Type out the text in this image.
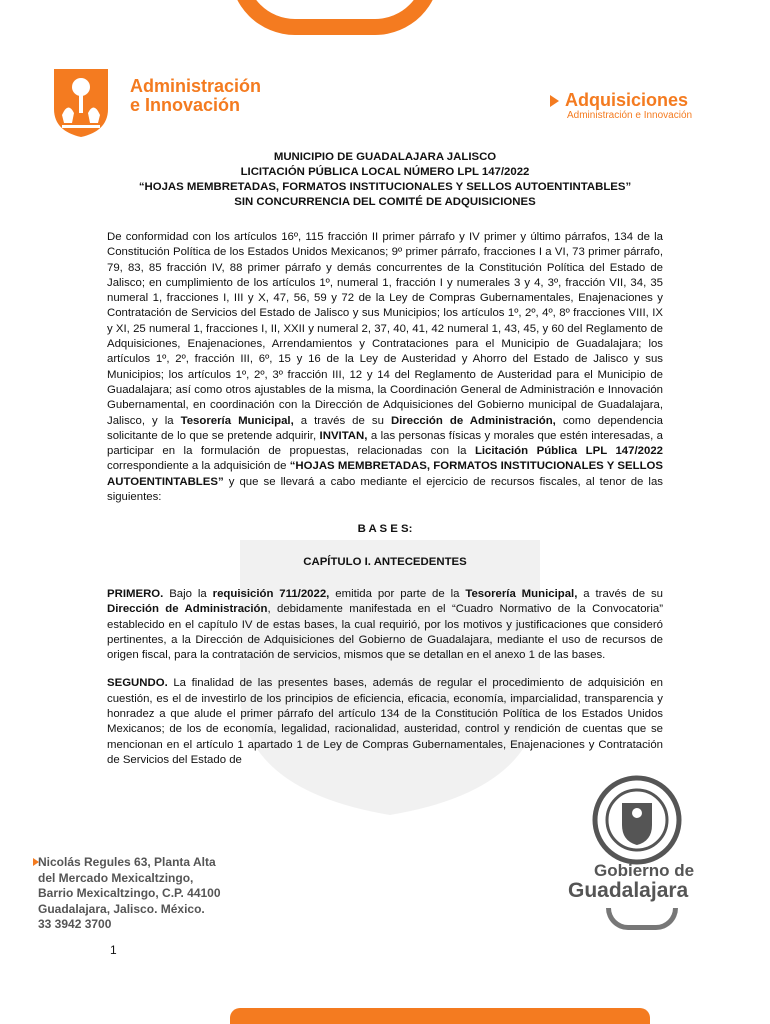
Administración
e Innovación	Adquisiciones
Administración e Innovación
MUNICIPIO DE GUADALAJARA JALISCO
LICITACIÓN PÚBLICA LOCAL NÚMERO LPL 147/2022
“HOJAS MEMBRETADAS, FORMATOS INSTITUCIONALES Y SELLOS AUTOENTINTABLES”
SIN CONCURRENCIA DEL COMITÉ DE ADQUISICIONES

De conformidad con los artículos 16º, 115 fracción II primer párrafo y IV primer y último párrafos, 134 de la Constitución Política de los Estados Unidos Mexicanos; 9º primer párrafo, fracciones I a VI, 73 primer párrafo, 79, 83, 85 fracción IV, 88 primer párrafo y demás concurrentes de la Constitución Política del Estado de Jalisco; en cumplimiento de los artículos 1º, numeral 1, fracción I y numerales 3 y 4, 3º, fracción VII, 34, 35 numeral 1, fracciones I, III y X, 47, 56, 59 y 72 de la Ley de Compras Gubernamentales, Enajenaciones y Contratación de Servicios del Estado de Jalisco y sus Municipios; los artículos 1º, 2º, 4º, 8º fracciones VIII, IX y XI, 25 numeral 1, fracciones I, II, XXII y numeral 2, 37, 40, 41, 42 numeral 1, 43, 45, y 60 del Reglamento de Adquisiciones, Enajenaciones, Arrendamientos y Contrataciones para el Municipio de Guadalajara; los artículos 1º, 2º, fracción III, 6º, 15 y 16 de la Ley de Austeridad y Ahorro del Estado de Jalisco y sus Municipios; los artículos 1º, 2º, 3º fracción III, 12 y 14 del Reglamento de Austeridad para el Municipio de Guadalajara; así como otros ajustables de la misma, la Coordinación General de Administración e Innovación Gubernamental, en coordinación con la Dirección de Adquisiciones del Gobierno municipal de Guadalajara, Jalisco, y la Tesorería Municipal, a través de su Dirección de Administración, como dependencia solicitante de lo que se pretende adquirir, INVITAN, a las personas físicas y morales que estén interesadas, a participar en la formulación de propuestas, relacionadas con la Licitación Pública LPL 147/2022 correspondiente a la adquisición de “HOJAS MEMBRETADAS, FORMATOS INSTITUCIONALES Y SELLOS AUTOENTINTABLES” y que se llevará a cabo mediante el ejercicio de recursos fiscales, al tenor de las siguientes:

B A S E S:

CAPÍTULO I. ANTECEDENTES

PRIMERO. Bajo la requisición 711/2022, emitida por parte de la Tesorería Municipal, a través de su Dirección de Administración, debidamente manifestada en el “Cuadro Normativo de la Convocatoria” establecido en el capítulo IV de estas bases, la cual requirió, por los motivos y justificaciones que consideró pertinentes, a la Dirección de Adquisiciones del Gobierno de Guadalajara, mediante el uso de recursos de origen fiscal, para la contratación de servicios, mismos que se detallan en el anexo 1 de las bases.

SEGUNDO. La finalidad de las presentes bases, además de regular el procedimiento de adquisición en cuestión, es el de investirlo de los principios de eficiencia, eficacia, economía, imparcialidad, transparencia y honradez a que alude el primer párrafo del artículo 134 de la Constitución Política de los Estados Unidos Mexicanos; de los de economía, legalidad, racionalidad, austeridad, control y rendición de cuentas que se mencionan en el artículo 1 apartado 1 de Ley de Compras Gubernamentales, Enajenaciones y Contratación de Servicios del Estado de

Nicolás Regules 63, Planta Alta
del Mercado Mexicaltzingo,
Barrio Mexicaltzingo, C.P. 44100
Guadalajara, Jalisco. México.
33 3942 3700
1
Gobierno de
Guadalajara
